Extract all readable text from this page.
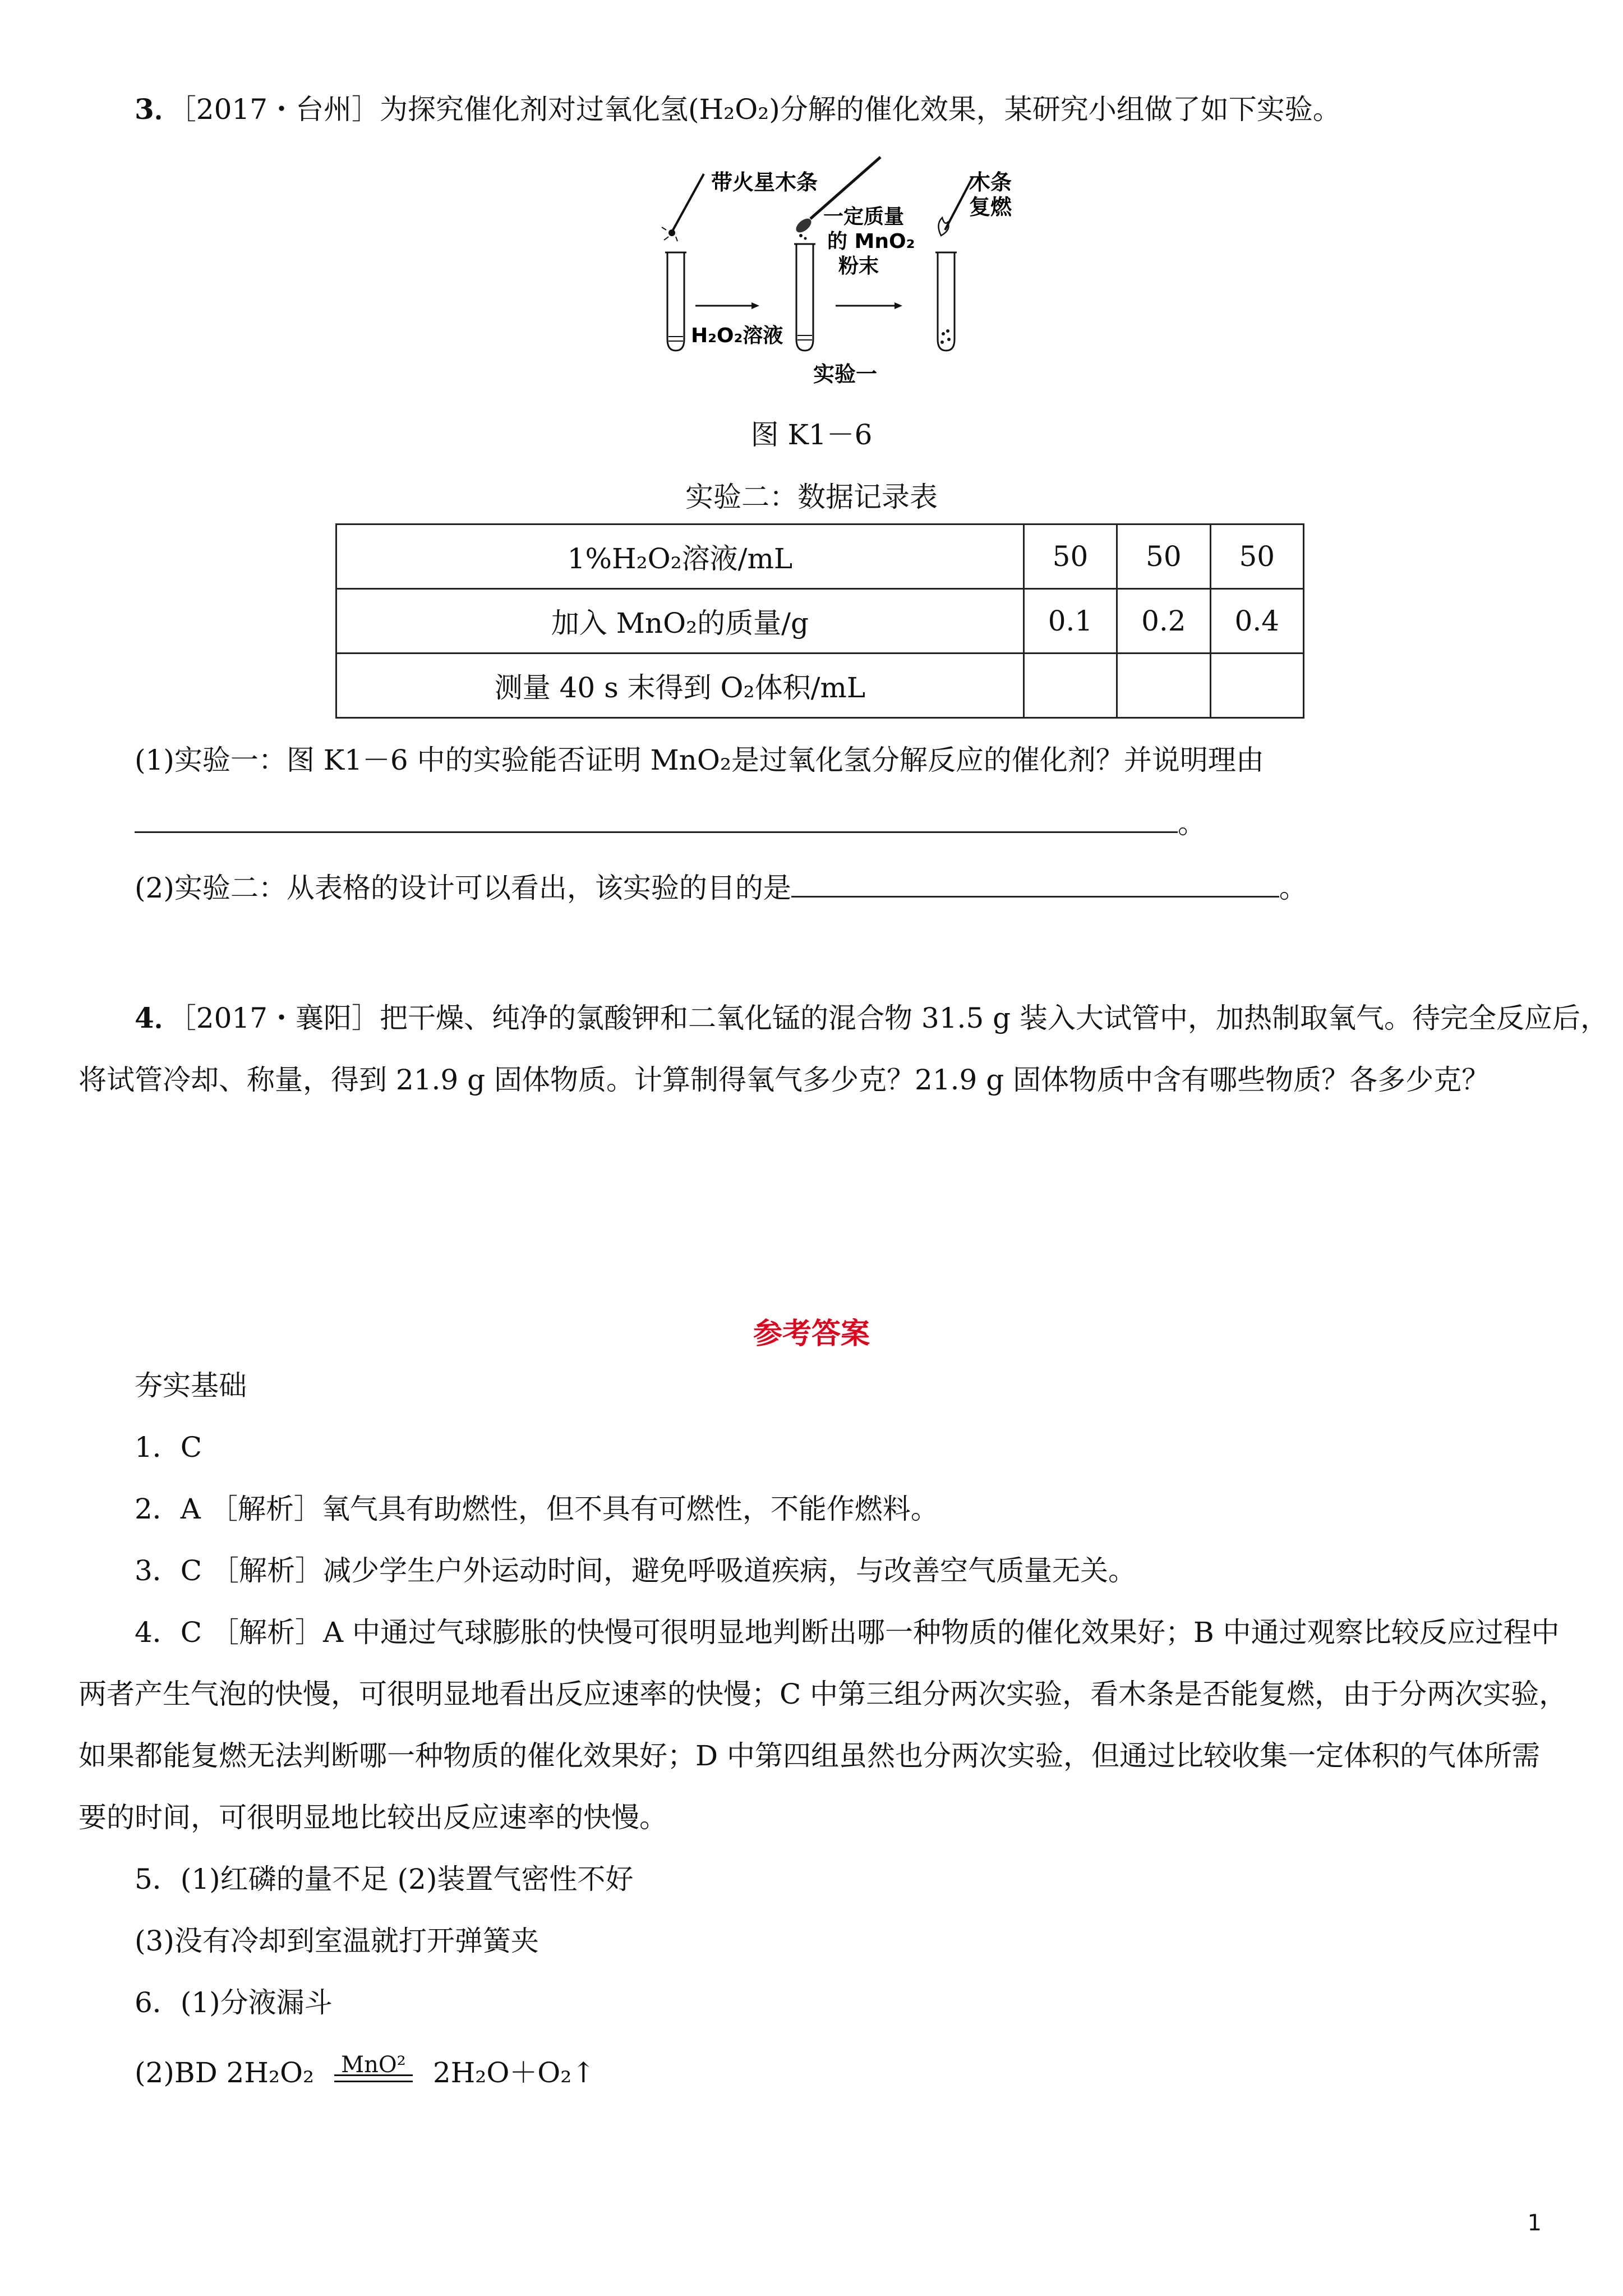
3．［2017・台州］为探究催化剂对过氧化氢(H₂O₂)分解的催化效果，某研究小组做了如下实验。
带火星木条
H₂O₂溶液
一定质量
的 MnO₂
粉末
木条
复燃
实验一
图 K1－6
实验二：数据记录表
1%H₂O₂溶液/mL	50	50	50
加入 MnO₂的质量/g	0.1	0.2	0.4
测量 40 s 末得到 O₂体积/mL			
(1)实验一：图 K1－6 中的实验能否证明 MnO₂是过氧化氢分解反应的催化剂？并说明理由
。
(2)实验二：从表格的设计可以看出，该实验的目的是	。
4．［2017・襄阳］把干燥、纯净的氯酸钾和二氧化锰的混合物 31.5 g 装入大试管中，加热制取氧气。待完全反应后，
将试管冷却、称量，得到 21.9 g 固体物质。计算制得氧气多少克？21.9 g 固体物质中含有哪些物质？各多少克？
参考答案
夯实基础
1．C
2．A ［解析］氧气具有助燃性，但不具有可燃性，不能作燃料。
3．C ［解析］减少学生户外运动时间，避免呼吸道疾病，与改善空气质量无关。
4．C ［解析］A 中通过气球膨胀的快慢可很明显地判断出哪一种物质的催化效果好；B 中通过观察比较反应过程中
两者产生气泡的快慢，可很明显地看出反应速率的快慢；C 中第三组分两次实验，看木条是否能复燃，由于分两次实验，
如果都能复燃无法判断哪一种物质的催化效果好；D 中第四组虽然也分两次实验，但通过比较收集一定体积的气体所需
要的时间，可很明显地比较出反应速率的快慢。
5．(1)红磷的量不足 (2)装置气密性不好
(3)没有冷却到室温就打开弹簧夹
6．(1)分液漏斗
(2)BD 2H₂O₂	MnO² 2H₂O＋O₂↑
1
